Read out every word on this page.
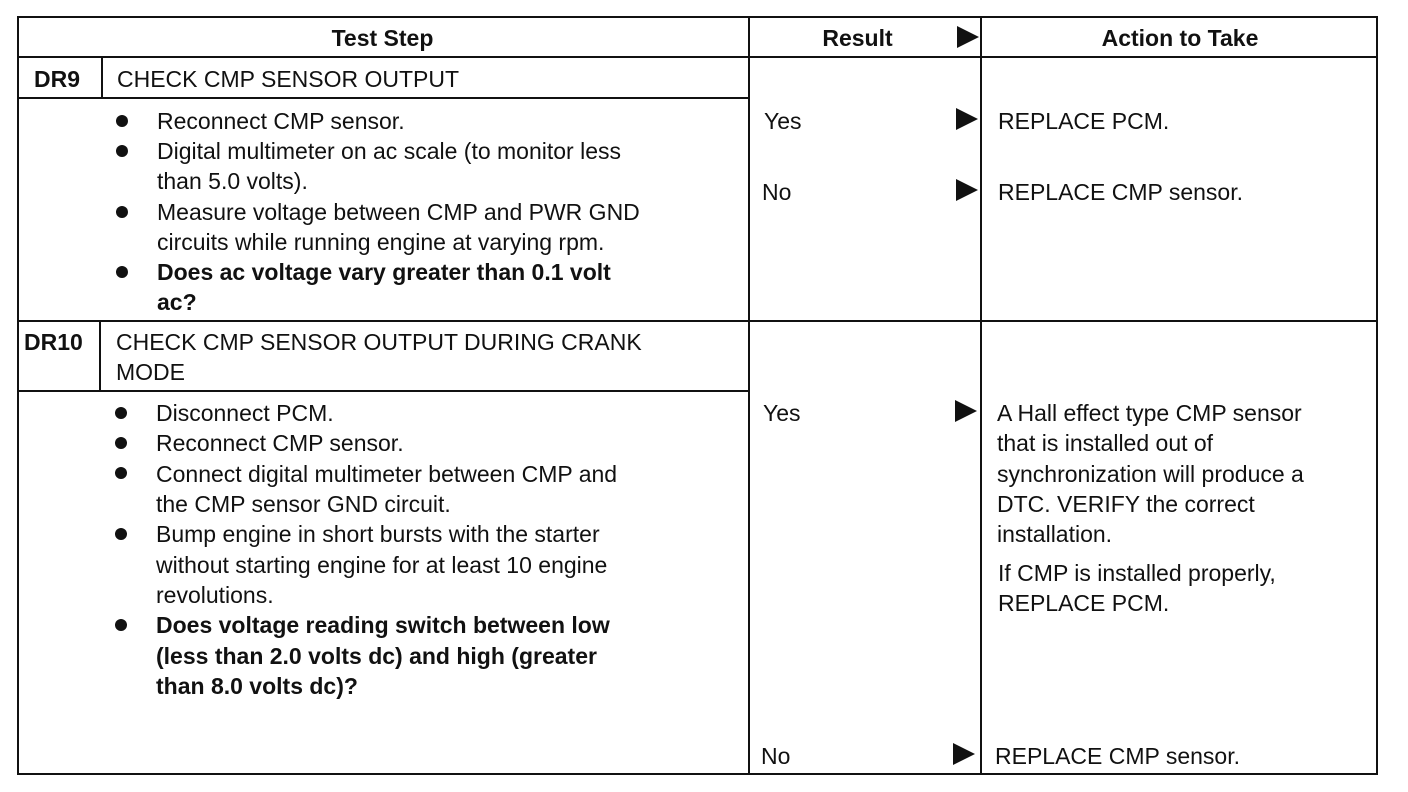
Test Step	Result	Action to Take
DR9 CHECK CMP SENSOR OUTPUT
Reconnect CMP sensor.
Digital multimeter on ac scale (to monitor less
than 5.0 volts).
Measure voltage between CMP and PWR GND
circuits while running engine at varying rpm.
Does ac voltage vary greater than 0.1 volt
ac?
Yes	REPLACE PCM.
No	REPLACE CMP sensor.
DR10 CHECK CMP SENSOR OUTPUT DURING CRANK
MODE
Disconnect PCM.
Reconnect CMP sensor.
Connect digital multimeter between CMP and
the CMP sensor GND circuit.
Bump engine in short bursts with the starter
without starting engine for at least 10 engine
revolutions.
Does voltage reading switch between low
(less than 2.0 volts dc) and high (greater
than 8.0 volts dc)?
Yes	A Hall effect type CMP sensor
that is installed out of
synchronization will produce a
DTC. VERIFY the correct
installation.
If CMP is installed properly,
REPLACE PCM.
No	REPLACE CMP sensor.
